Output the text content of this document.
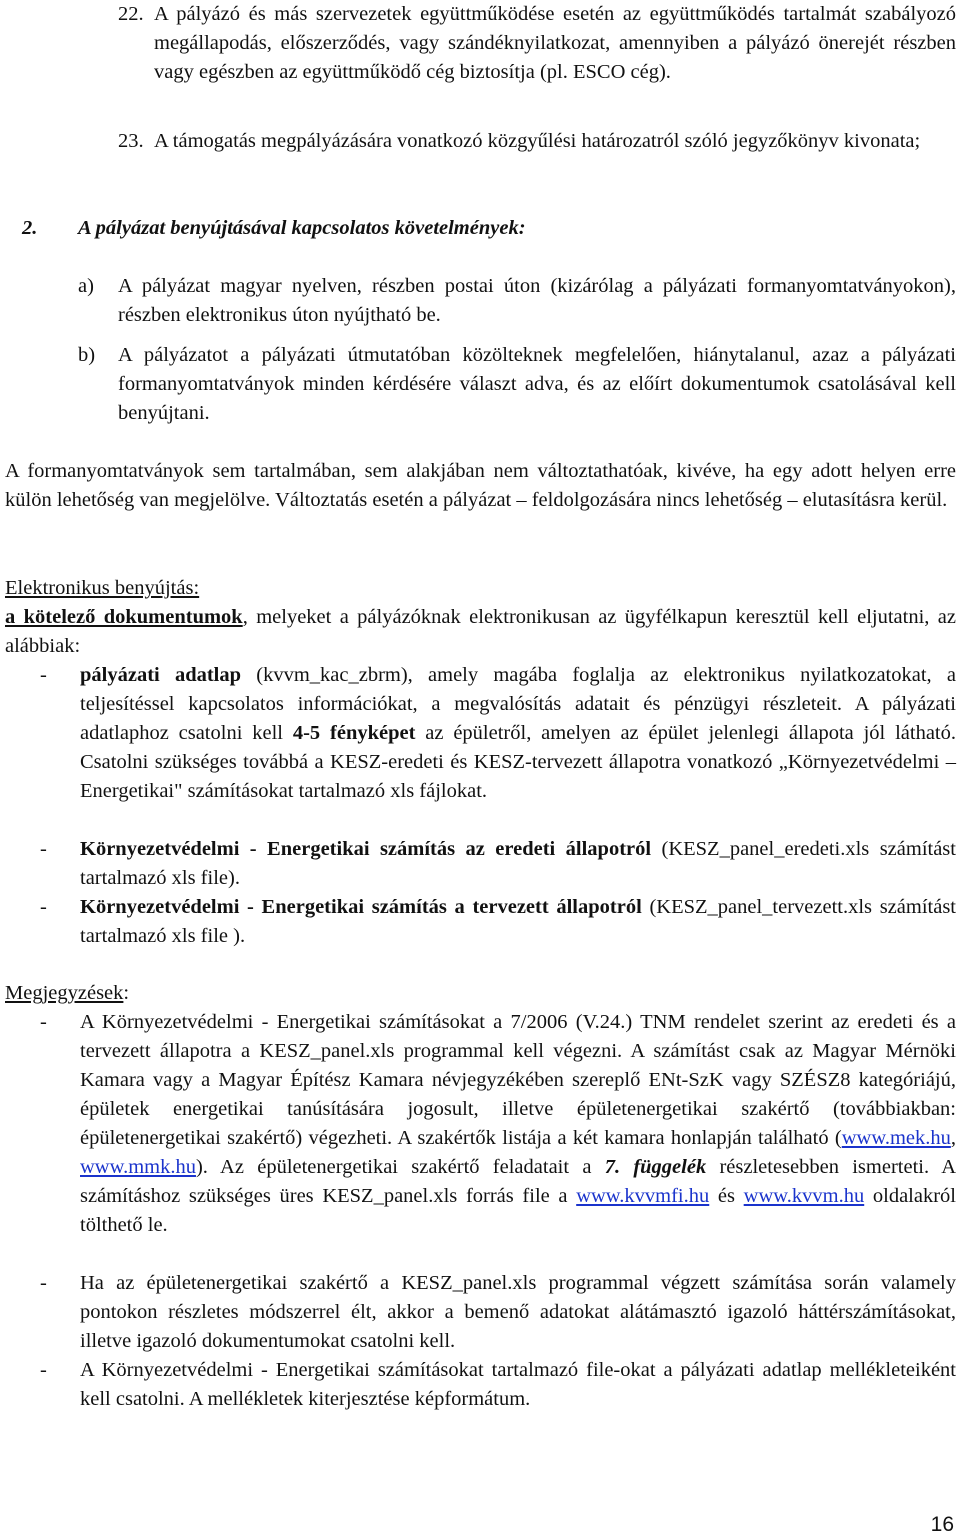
22. A pályázó és más szervezetek együttműködése esetén az együttműködés tartalmát szabályozó megállapodás, előszerződés, vagy szándéknyilatkozat, amennyiben a pályázó önerejét részben vagy egészben az együttműködő cég biztosítja (pl. ESCO cég).

23. A támogatás megpályázására vonatkozó közgyűlési határozatról szóló jegyzőkönyv kivonata;

2. A pályázat benyújtásával kapcsolatos követelmények:
a) A pályázat magyar nyelven, részben postai úton (kizárólag a pályázati formanyomtatványokon), részben elektronikus úton nyújtható be.

b) A pályázatot a pályázati útmutatóban közölteknek megfelelően, hiánytalanul, azaz a pályázati formanyomtatványok minden kérdésére választ adva, és az előírt dokumentumok csatolásával kell benyújtani.

A formanyomtatványok sem tartalmában, sem alakjában nem változtathatóak, kivéve, ha egy adott helyen erre külön lehetőség van megjelölve. Változtatás esetén a pályázat – feldolgozására nincs lehetőség – elutasításra kerül.

Elektronikus benyújtás:

a kötelező dokumentumok, melyeket a pályázóknak elektronikusan az ügyfélkapun keresztül kell eljutatni, az alábbiak:

- pályázati adatlap (kvvm_kac_zbrm), amely magába foglalja az elektronikus nyilatkozatokat, a teljesítéssel kapcsolatos információkat, a megvalósítás adatait és pénzügyi részleteit. A pályázati adatlaphoz csatolni kell 4-5 fényképet az épületről, amelyen az épület jelenlegi állapota jól látható. Csatolni szükséges továbbá a KESZ-eredeti és KESZ-tervezett állapotra vonatkozó „Környezetvédelmi – Energetikai" számításokat tartalmazó xls fájlokat.

- Környezetvédelmi - Energetikai számítás az eredeti állapotról (KESZ_panel_eredeti.xls számítást tartalmazó xls file).

- Környezetvédelmi - Energetikai számítás a tervezett állapotról (KESZ_panel_tervezett.xls számítást tartalmazó xls file ).

Megjegyzések:
- A Környezetvédelmi - Energetikai számításokat a 7/2006 (V.24.) TNM rendelet szerint az eredeti és a tervezett állapotra a KESZ_panel.xls programmal kell végezni. A számítást csak az Magyar Mérnöki Kamara vagy a Magyar Építész Kamara névjegyzékében szereplő ENt-SzK vagy SZÉSZ8 kategóriájú, épületek energetikai tanúsítására jogosult, illetve épületenergetikai szakértő (továbbiakban: épületenergetikai szakértő) végezheti. A szakértők listája a két kamara honlapján található (www.mek.hu, www.mmk.hu). Az épületenergetikai szakértő feladatait a 7. függelék részletesebben ismerteti. A számításhoz szükséges üres KESZ_panel.xls forrás file a www.kvvmfi.hu és www.kvvm.hu oldalakról tölthető le.

- Ha az épületenergetikai szakértő a KESZ_panel.xls programmal végzett számítása során valamely pontokon részletes módszerrel élt, akkor a bemenő adatokat alátámasztó igazoló háttérszámításokat, illetve igazoló dokumentumokat csatolni kell.

- A Környezetvédelmi - Energetikai számításokat tartalmazó file-okat a pályázati adatlap mellékleteiként kell csatolni. A mellékletek kiterjesztése képformátum.

16
